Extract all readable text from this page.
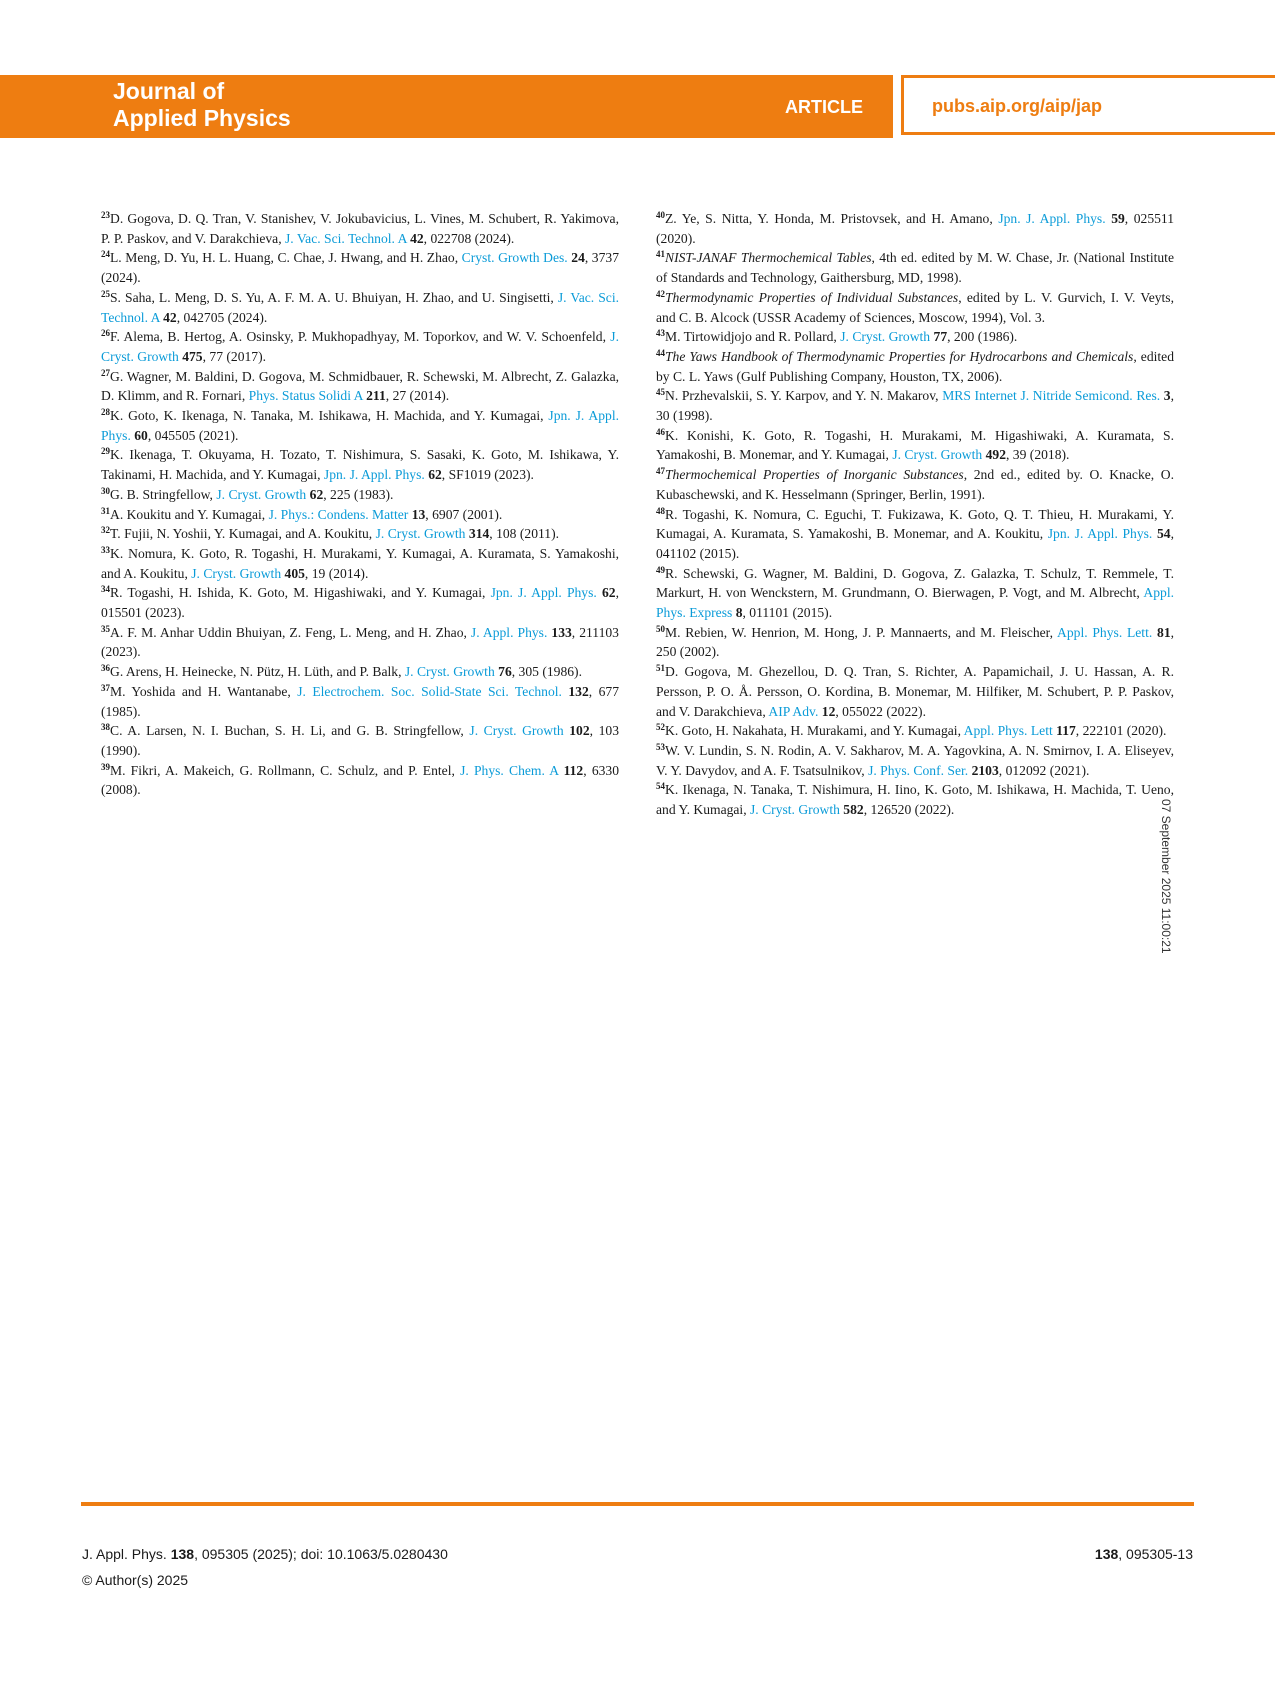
Journal of
Applied Physics	ARTICLE	pubs.aip.org/aip/jap

$^{23}$D. Gogova, D. Q. Tran, V. Stanishev, V. Jokubavicius, L. Vines, M. Schubert, R. Yakimova, P. P. Paskov, and V. Darakchieva, J. Vac. Sci. Technol. A 42, 022708 (2024).

$^{24}$L. Meng, D. Yu, H. L. Huang, C. Chae, J. Hwang, and H. Zhao, Cryst. Growth Des. 24, 3737 (2024).

$^{25}$S. Saha, L. Meng, D. S. Yu, A. F. M. A. U. Bhuiyan, H. Zhao, and U. Singisetti, J. Vac. Sci. Technol. A 42, 042705 (2024).

$^{26}$F. Alema, B. Hertog, A. Osinsky, P. Mukhopadhyay, M. Toporkov, and W. V. Schoenfeld, J. Cryst. Growth 475, 77 (2017).

$^{27}$G. Wagner, M. Baldini, D. Gogova, M. Schmidbauer, R. Schewski, M. Albrecht, Z. Galazka, D. Klimm, and R. Fornari, Phys. Status Solidi A 211, 27 (2014).

$^{28}$K. Goto, K. Ikenaga, N. Tanaka, M. Ishikawa, H. Machida, and Y. Kumagai, Jpn. J. Appl. Phys. 60, 045505 (2021).

$^{29}$K. Ikenaga, T. Okuyama, H. Tozato, T. Nishimura, S. Sasaki, K. Goto, M. Ishikawa, Y. Takinami, H. Machida, and Y. Kumagai, Jpn. J. Appl. Phys. 62, SF1019 (2023).

$^{30}$G. B. Stringfellow, J. Cryst. Growth 62, 225 (1983).

$^{31}$A. Koukitu and Y. Kumagai, J. Phys.: Condens. Matter 13, 6907 (2001).

$^{32}$T. Fujii, N. Yoshii, Y. Kumagai, and A. Koukitu, J. Cryst. Growth 314, 108 (2011).

$^{33}$K. Nomura, K. Goto, R. Togashi, H. Murakami, Y. Kumagai, A. Kuramata, S. Yamakoshi, and A. Koukitu, J. Cryst. Growth 405, 19 (2014).

$^{34}$R. Togashi, H. Ishida, K. Goto, M. Higashiwaki, and Y. Kumagai, Jpn. J. Appl. Phys. 62, 015501 (2023).

$^{35}$A. F. M. Anhar Uddin Bhuiyan, Z. Feng, L. Meng, and H. Zhao, J. Appl. Phys. 133, 211103 (2023).

$^{36}$G. Arens, H. Heinecke, N. Pütz, H. Lüth, and P. Balk, J. Cryst. Growth 76, 305 (1986).

$^{37}$M. Yoshida and H. Wantanabe, J. Electrochem. Soc. Solid-State Sci. Technol. 132, 677 (1985).

$^{38}$C. A. Larsen, N. I. Buchan, S. H. Li, and G. B. Stringfellow, J. Cryst. Growth 102, 103 (1990).

$^{39}$M. Fikri, A. Makeich, G. Rollmann, C. Schulz, and P. Entel, J. Phys. Chem. A 112, 6330 (2008).

$^{40}$Z. Ye, S. Nitta, Y. Honda, M. Pristovsek, and H. Amano, Jpn. J. Appl. Phys. 59, 025511 (2020).

$^{41}$NIST-JANAF Thermochemical Tables, 4th ed. edited by M. W. Chase, Jr. (National Institute of Standards and Technology, Gaithersburg, MD, 1998).

$^{42}$Thermodynamic Properties of Individual Substances, edited by L. V. Gurvich, I. V. Veyts, and C. B. Alcock (USSR Academy of Sciences, Moscow, 1994), Vol. 3.

$^{43}$M. Tirtowidjojo and R. Pollard, J. Cryst. Growth 77, 200 (1986).

$^{44}$The Yaws Handbook of Thermodynamic Properties for Hydrocarbons and Chemicals, edited by C. L. Yaws (Gulf Publishing Company, Houston, TX, 2006).

$^{45}$N. Przhevalskii, S. Y. Karpov, and Y. N. Makarov, MRS Internet J. Nitride Semicond. Res. 3, 30 (1998).

$^{46}$K. Konishi, K. Goto, R. Togashi, H. Murakami, M. Higashiwaki, A. Kuramata, S. Yamakoshi, B. Monemar, and Y. Kumagai, J. Cryst. Growth 492, 39 (2018).

$^{47}$Thermochemical Properties of Inorganic Substances, 2nd ed., edited by. O. Knacke, O. Kubaschewski, and K. Hesselmann (Springer, Berlin, 1991).

$^{48}$R. Togashi, K. Nomura, C. Eguchi, T. Fukizawa, K. Goto, Q. T. Thieu, H. Murakami, Y. Kumagai, A. Kuramata, S. Yamakoshi, B. Monemar, and A. Koukitu, Jpn. J. Appl. Phys. 54, 041102 (2015).

$^{49}$R. Schewski, G. Wagner, M. Baldini, D. Gogova, Z. Galazka, T. Schulz, T. Remmele, T. Markurt, H. von Wenckstern, M. Grundmann, O. Bierwagen, P. Vogt, and M. Albrecht, Appl. Phys. Express 8, 011101 (2015).

$^{50}$M. Rebien, W. Henrion, M. Hong, J. P. Mannaerts, and M. Fleischer, Appl. Phys. Lett. 81, 250 (2002).

$^{51}$D. Gogova, M. Ghezellou, D. Q. Tran, S. Richter, A. Papamichail, J. U. Hassan, A. R. Persson, P. O. Å. Persson, O. Kordina, B. Monemar, M. Hilfiker, M. Schubert, P. P. Paskov, and V. Darakchieva, AIP Adv. 12, 055022 (2022).

$^{52}$K. Goto, H. Nakahata, H. Murakami, and Y. Kumagai, Appl. Phys. Lett 117, 222101 (2020).

$^{53}$W. V. Lundin, S. N. Rodin, A. V. Sakharov, M. A. Yagovkina, A. N. Smirnov, I. A. Eliseyev, V. Y. Davydov, and A. F. Tsatsulnikov, J. Phys. Conf. Ser. 2103, 012092 (2021).

$^{54}$K. Ikenaga, N. Tanaka, T. Nishimura, H. Iino, K. Goto, M. Ishikawa, H. Machida, T. Ueno, and Y. Kumagai, J. Cryst. Growth 582, 126520 (2022).	07 September 2025 11:00:21
J. Appl. Phys. 138, 095305 (2025); doi: 10.1063/5.0280430
© Author(s) 2025
138, 095305-13
